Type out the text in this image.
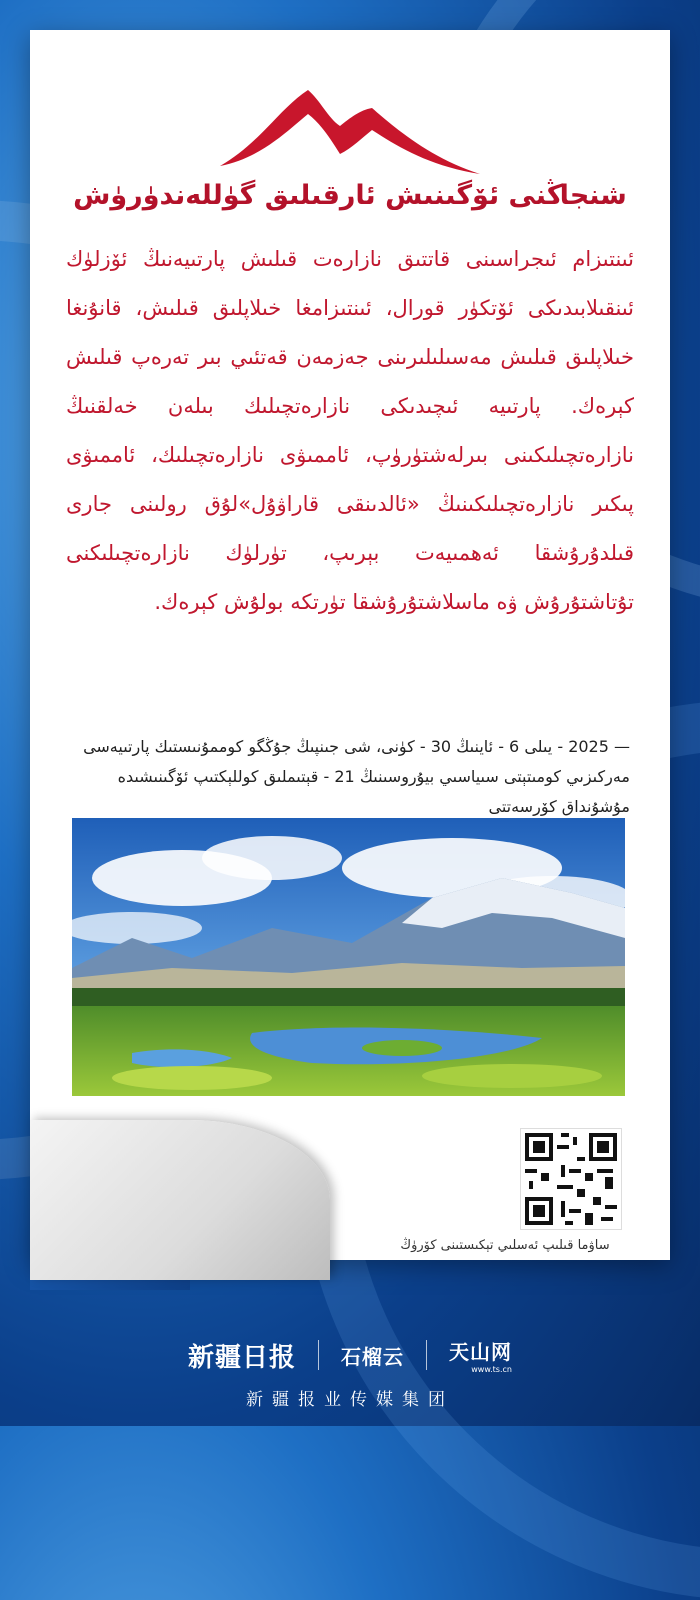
شنجاڭنى ئۆگىنىش ئارقىلىق گۈللەندۈرۈش
ئىنتىزام ئىجراسىنى قاتتىق نازارەت قىلىش پارتىيەنىڭ ئۆزلۈك ئىنقىلابىدىكى ئۆتكۈر قورال، ئىنتىزامغا خىلاپلىق قىلىش، قانۇنغا خىلاپلىق قىلىش مەسىلىلىرىنى جەزمەن قەتئىي بىر تەرەپ قىلىش كېرەك. پارتىيە ئىچىدىكى نازارەتچىلىك بىلەن خەلقنىڭ نازارەتچىلىكىنى بىرلەشتۈرۈپ، ئاممىۋى نازارەتچىلىك، ئاممىۋى پىكىر نازارەتچىلىكىنىڭ «ئالدىنقى قاراۋۇل»لۇق رولىنى جارى قىلدۇرۇشقا ئەھمىيەت بېرىپ، تۈرلۈك نازارەتچىلىكنى تۇتاشتۇرۇش ۋە ماسلاشتۇرۇشقا تۈرتكە بولۇش كېرەك.
— 2025 - يىلى 6 - ئاينىڭ 30 - كۈنى، شى جىنپىڭ جۇڭگو كوممۇنىستىك پارتىيەسى مەركىزىي كومىتېتى سىياسىي بيۇروسىنىڭ 21 - قېتىملىق كوللېكتىپ ئۆگىنىشىدە مۇشۇنداق كۆرسەتتى
ساۋما قىلىپ ئەسلىي تېكىستىنى كۆرۈڭ
新疆日报 石榴云 天山网
www.ts.cn
新疆报业传媒集团
